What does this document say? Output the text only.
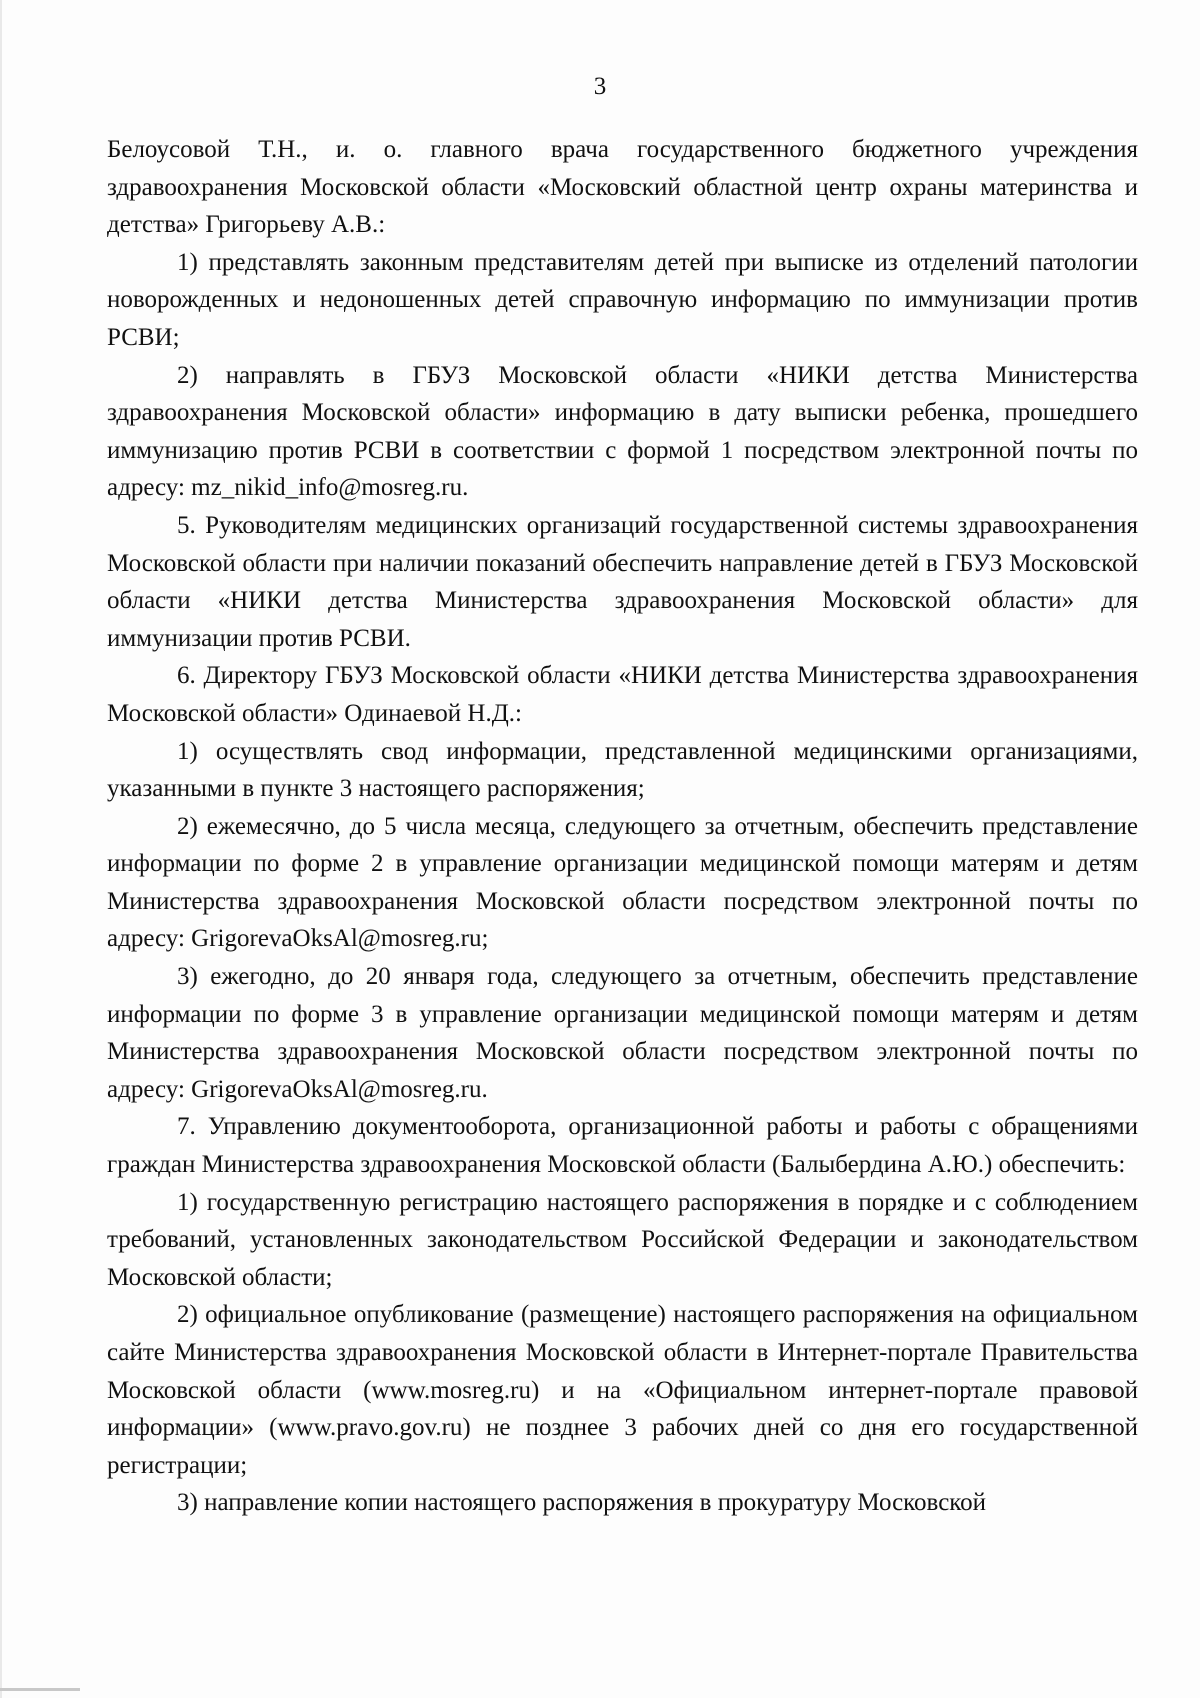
3

Белоусовой Т.Н., и. о. главного врача государственного бюджетного учреждения здравоохранения Московской области «Московский областной центр охраны материнства и детства» Григорьеву А.В.:

1) представлять законным представителям детей при выписке из отделений патологии новорожденных и недоношенных детей справочную информацию по иммунизации против РСВИ;

2) направлять в ГБУЗ Московской области «НИКИ детства Министерства здравоохранения Московской области» информацию в дату выписки ребенка, прошедшего иммунизацию против РСВИ в соответствии с формой 1 посредством электронной почты по адресу: mz_nikid_info@mosreg.ru.

5. Руководителям медицинских организаций государственной системы здравоохранения Московской области при наличии показаний обеспечить направление детей в ГБУЗ Московской области «НИКИ детства Министерства здравоохранения Московской области» для иммунизации против РСВИ.

6. Директору ГБУЗ Московской области «НИКИ детства Министерства здравоохранения Московской области» Одинаевой Н.Д.:

1) осуществлять свод информации, представленной медицинскими организациями, указанными в пункте 3 настоящего распоряжения;

2) ежемесячно, до 5 числа месяца, следующего за отчетным, обеспечить представление информации по форме 2 в управление организации медицинской помощи матерям и детям Министерства здравоохранения Московской области посредством электронной почты по адресу: GrigorevaOksAl@mosreg.ru;

3) ежегодно, до 20 января года, следующего за отчетным, обеспечить представление информации по форме 3 в управление организации медицинской помощи матерям и детям Министерства здравоохранения Московской области посредством электронной почты по адресу: GrigorevaOksAl@mosreg.ru.

7. Управлению документооборота, организационной работы и работы с обращениями граждан Министерства здравоохранения Московской области (Балыбердина А.Ю.) обеспечить:

1) государственную регистрацию настоящего распоряжения в порядке и с соблюдением требований, установленных законодательством Российской Федерации и законодательством Московской области;

2) официальное опубликование (размещение) настоящего распоряжения на официальном сайте Министерства здравоохранения Московской области в Интернет-портале Правительства Московской области (www.mosreg.ru) и на «Официальном интернет-портале правовой информации» (www.pravo.gov.ru) не позднее 3 рабочих дней со дня его государственной регистрации;

3) направление копии настоящего распоряжения в прокуратуру Московской
